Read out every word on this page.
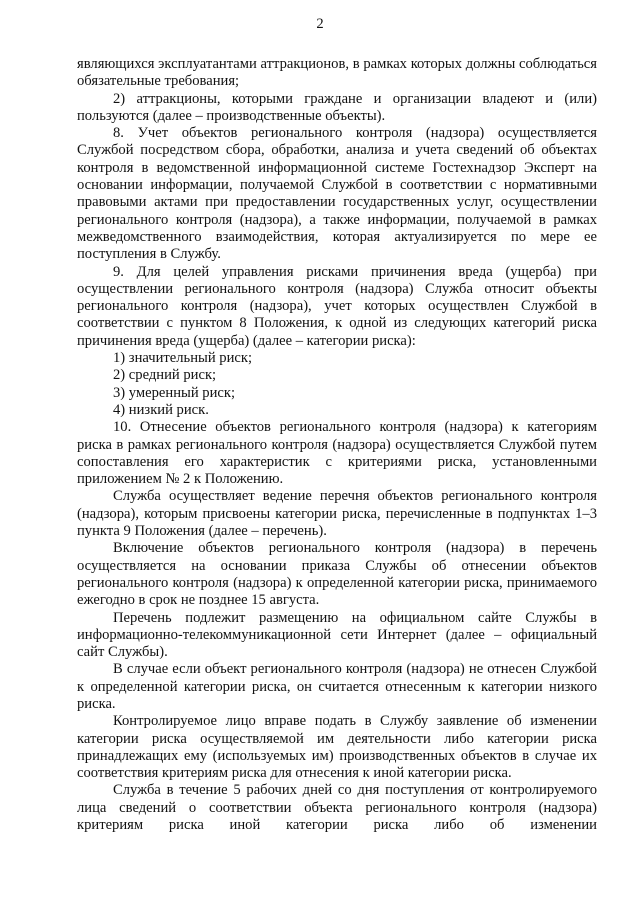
2

являющихся эксплуатантами аттракционов, в рамках которых должны соблюдаться обязательные требования;

2) аттракционы, которыми граждане и организации владеют и (или) пользуются (далее – производственные объекты).

8. Учет объектов регионального контроля (надзора) осуществляется Службой посредством сбора, обработки, анализа и учета сведений об объектах контроля в ведомственной информационной системе Гостехнадзор Эксперт на основании информации, получаемой Службой в соответствии с нормативными правовыми актами при предоставлении государственных услуг, осуществлении регионального контроля (надзора), а также информации, получаемой в рамках межведомственного взаимодействия, которая актуализируется по мере ее поступления в Службу.

9. Для целей управления рисками причинения вреда (ущерба) при осуществлении регионального контроля (надзора) Служба относит объекты регионального контроля (надзора), учет которых осуществлен Службой в соответствии с пунктом 8 Положения, к одной из следующих категорий риска причинения вреда (ущерба) (далее – категории риска):

1) значительный риск;

2) средний риск;

3) умеренный риск;

4) низкий риск.

10. Отнесение объектов регионального контроля (надзора) к категориям риска в рамках регионального контроля (надзора) осуществляется Службой путем сопоставления его характеристик с критериями риска, установленными приложением № 2 к Положению.

Служба осуществляет ведение перечня объектов регионального контроля (надзора), которым присвоены категории риска, перечисленные в подпунктах 1–3 пункта 9 Положения (далее – перечень).

Включение объектов регионального контроля (надзора) в перечень осуществляется на основании приказа Службы об отнесении объектов регионального контроля (надзора) к определенной категории риска, принимаемого ежегодно в срок не позднее 15 августа.

Перечень подлежит размещению на официальном сайте Службы в информационно-телекоммуникационной сети Интернет (далее – официальный сайт Службы).

В случае если объект регионального контроля (надзора) не отнесен Службой к определенной категории риска, он считается отнесенным к категории низкого риска.

Контролируемое лицо вправе подать в Службу заявление об изменении категории риска осуществляемой им деятельности либо категории риска принадлежащих ему (используемых им) производственных объектов в случае их соответствия критериям риска для отнесения к иной категории риска.

Служба в течение 5 рабочих дней со дня поступления от контролируемого лица сведений о соответствии объекта регионального контроля (надзора) критериям риска иной категории риска либо об изменении
